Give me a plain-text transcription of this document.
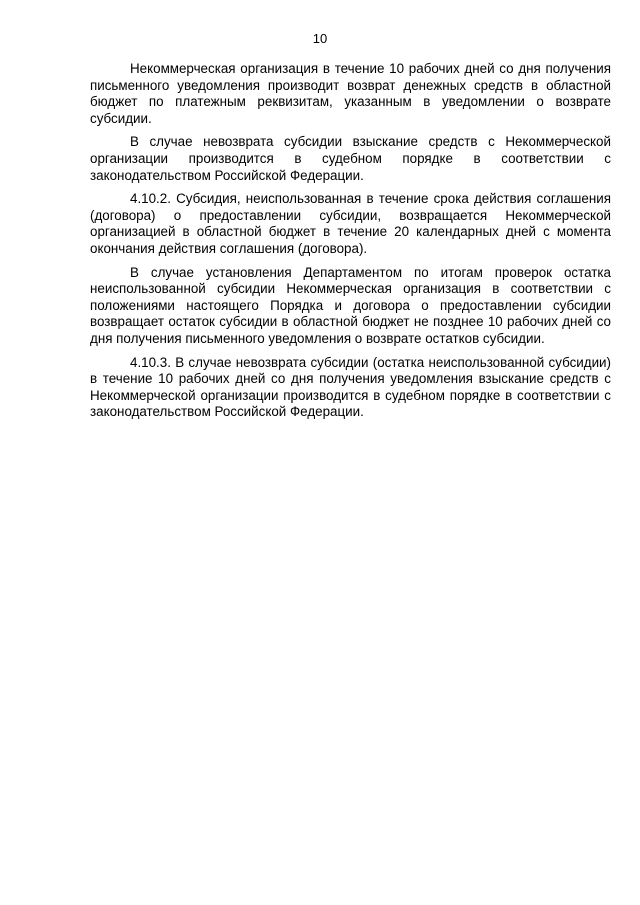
10

Некоммерческая организация в течение 10 рабочих дней со дня получения письменного уведомления производит возврат денежных средств в областной бюджет по платежным реквизитам, указанным в уведомлении о возврате субсидии.

В случае невозврата субсидии взыскание средств с Некоммерческой организации производится в судебном порядке в соответствии с законодательством Российской Федерации.

4.10.2. Субсидия, неиспользованная в течение срока действия соглашения (договора) о предоставлении субсидии, возвращается Некоммерческой организацией в областной бюджет в течение 20 календарных дней с момента окончания действия соглашения (договора).

В случае установления Департаментом по итогам проверок остатка неиспользованной субсидии Некоммерческая организация в соответствии с положениями настоящего Порядка и договора о предоставлении субсидии возвращает остаток субсидии в областной бюджет не позднее 10 рабочих дней со дня получения письменного уведомления о возврате остатков субсидии.

4.10.3. В случае невозврата субсидии (остатка неиспользованной субсидии) в течение 10 рабочих дней со дня получения уведомления взыскание средств с Некоммерческой организации производится в судебном порядке в соответствии с законодательством Российской Федерации.
